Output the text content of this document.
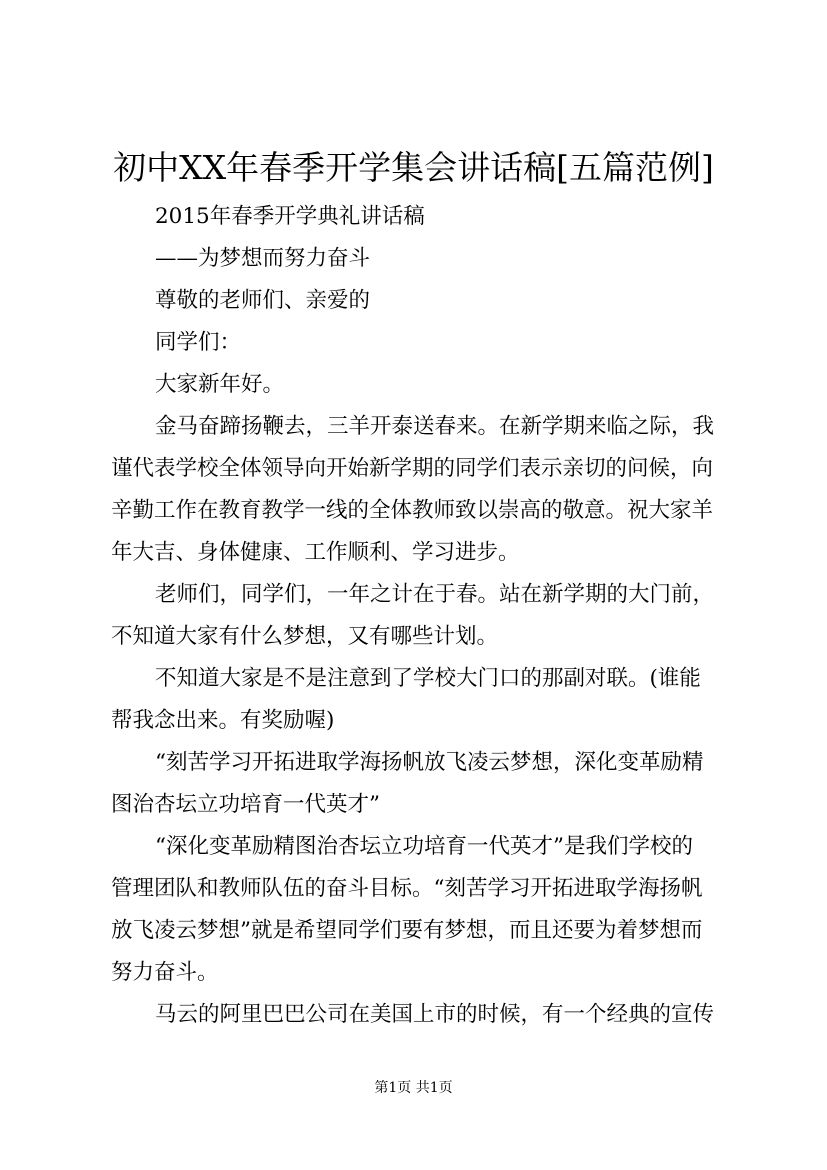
初中XX年春季开学集会讲话稿[五篇范例]
2015年春季开学典礼讲话稿
——为梦想而努力奋斗
尊敬的老师们、亲爱的
同学们：
大家新年好。
金马奋蹄扬鞭去，三羊开泰送春来。在新学期来临之际，我
谨代表学校全体领导向开始新学期的同学们表示亲切的问候，向
辛勤工作在教育教学一线的全体教师致以崇高的敬意。祝大家羊
年大吉、身体健康、工作顺利、学习进步。
老师们，同学们，一年之计在于春。站在新学期的大门前，
不知道大家有什么梦想，又有哪些计划。
不知道大家是不是注意到了学校大门口的那副对联。(谁能
帮我念出来。有奖励喔)
“刻苦学习开拓进取学海扬帆放飞凌云梦想，深化变革励精
图治杏坛立功培育一代英才”
“深化变革励精图治杏坛立功培育一代英才”是我们学校的
管理团队和教师队伍的奋斗目标。“刻苦学习开拓进取学海扬帆
放飞凌云梦想”就是希望同学们要有梦想，而且还要为着梦想而
努力奋斗。
马云的阿里巴巴公司在美国上市的时候，有一个经典的宣传
第1页 共1页
